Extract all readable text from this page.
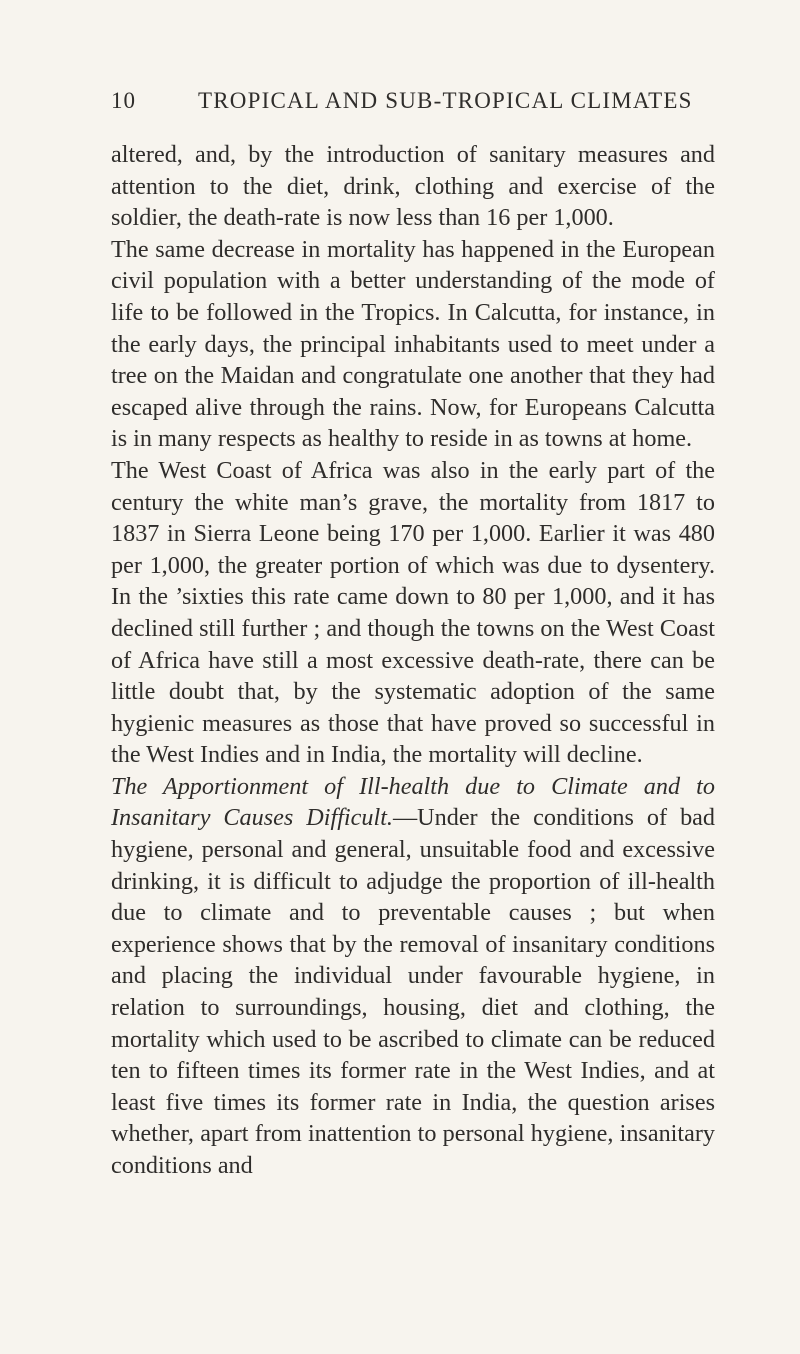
10	TROPICAL AND SUB-TROPICAL CLIMATES

altered, and, by the introduction of sanitary measures and attention to the diet, drink, clothing and exercise of the soldier, the death-rate is now less than 16 per 1,000.

The same decrease in mortality has happened in the European civil population with a better understanding of the mode of life to be followed in the Tropics. In Calcutta, for instance, in the early days, the principal inhabitants used to meet under a tree on the Maidan and congratulate one another that they had escaped alive through the rains. Now, for Europeans Calcutta is in many respects as healthy to reside in as towns at home.

The West Coast of Africa was also in the early part of the century the white man’s grave, the mortality from 1817 to 1837 in Sierra Leone being 170 per 1,000. Earlier it was 480 per 1,000, the greater portion of which was due to dysentery. In the ’sixties this rate came down to 80 per 1,000, and it has declined still further ; and though the towns on the West Coast of Africa have still a most excessive death-rate, there can be little doubt that, by the systematic adoption of the same hygienic measures as those that have proved so successful in the West Indies and in India, the mortality will decline.

The Apportionment of Ill-health due to Climate and to Insanitary Causes Difficult.—Under the conditions of bad hygiene, personal and general, unsuitable food and excessive drinking, it is difficult to adjudge the proportion of ill-health due to climate and to preventable causes ; but when experience shows that by the removal of insanitary conditions and placing the individual under favourable hygiene, in relation to surroundings, housing, diet and clothing, the mortality which used to be ascribed to climate can be reduced ten to fifteen times its former rate in the West Indies, and at least five times its former rate in India, the question arises whether, apart from inattention to personal hygiene, insanitary conditions and
